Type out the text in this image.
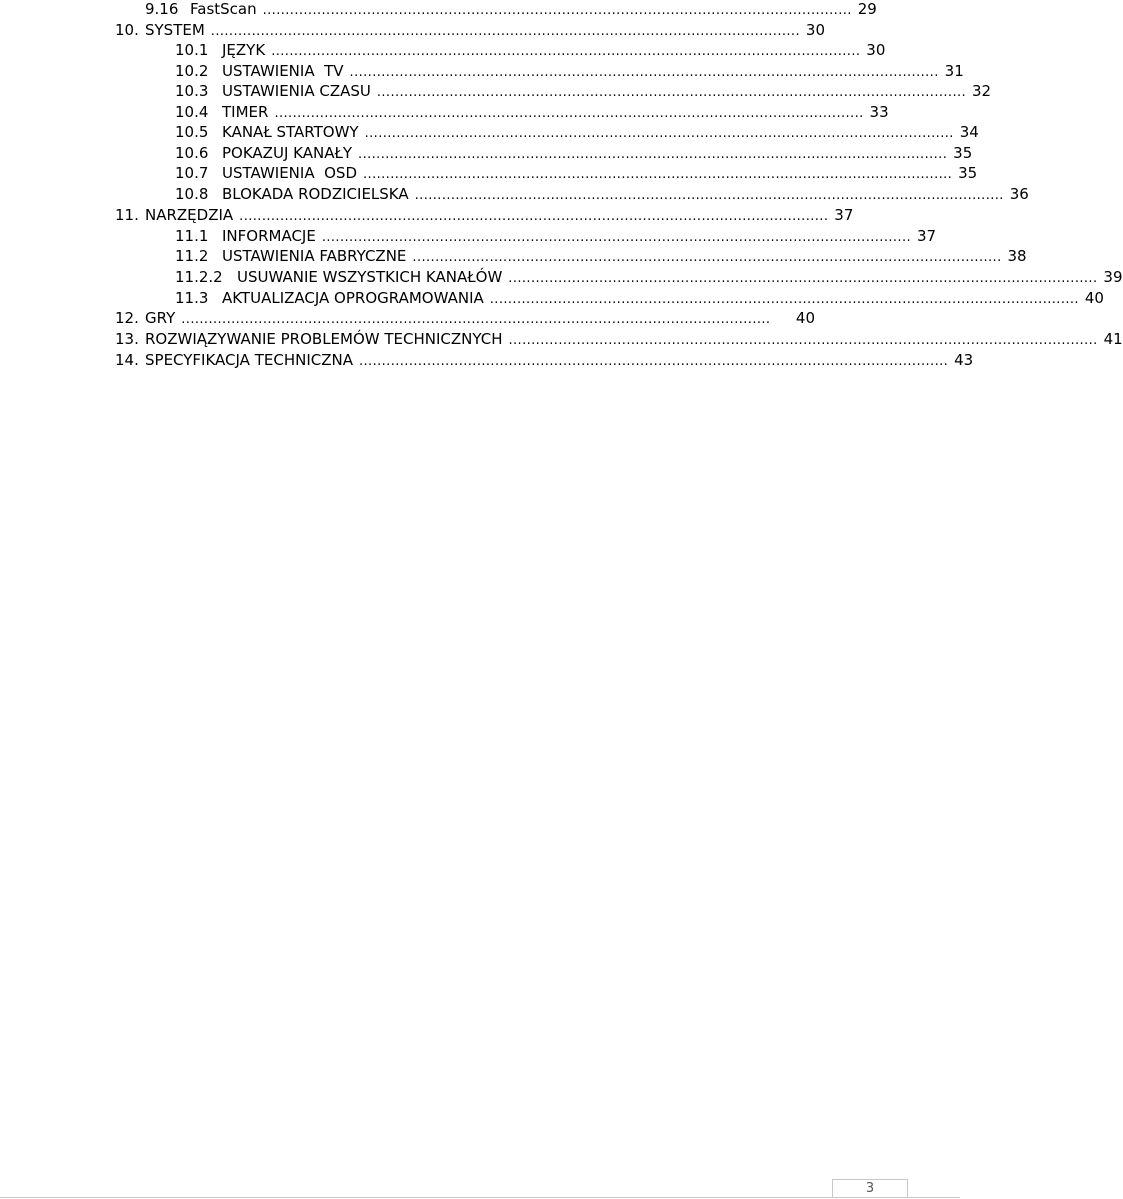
9.16 FastScan .................................................................................................................................. 29
10. SYSTEM .................................................................................................................................. 30
10.1 JĘZYK .................................................................................................................................. 30
10.2 USTAWIENIA  TV .................................................................................................................................. 31
10.3 USTAWIENIA CZASU .................................................................................................................................. 32
10.4 TIMER .................................................................................................................................. 33
10.5 KANAŁ STARTOWY .................................................................................................................................. 34
10.6 POKAZUJ KANAŁY .................................................................................................................................. 35
10.7 USTAWIENIA  OSD .................................................................................................................................. 35
10.8 BLOKADA RODZICIELSKA .................................................................................................................................. 36
11. NARZĘDZIA .................................................................................................................................. 37
11.1 INFORMACJE .................................................................................................................................. 37
11.2 USTAWIENIA FABRYCZNE .................................................................................................................................. 38
11.2.2 USUWANIE WSZYSTKICH KANAŁÓW .................................................................................................................................. 39
11.3 AKTUALIZACJA OPROGRAMOWANIA .................................................................................................................................. 40
12. GRY ..................................................................................................................................	40
13. ROZWIĄZYWANIE PROBLEMÓW TECHNICZNYCH .................................................................................................................................. 41
14. SPECYFIKACJA TECHNICZNA .................................................................................................................................. 43
3
